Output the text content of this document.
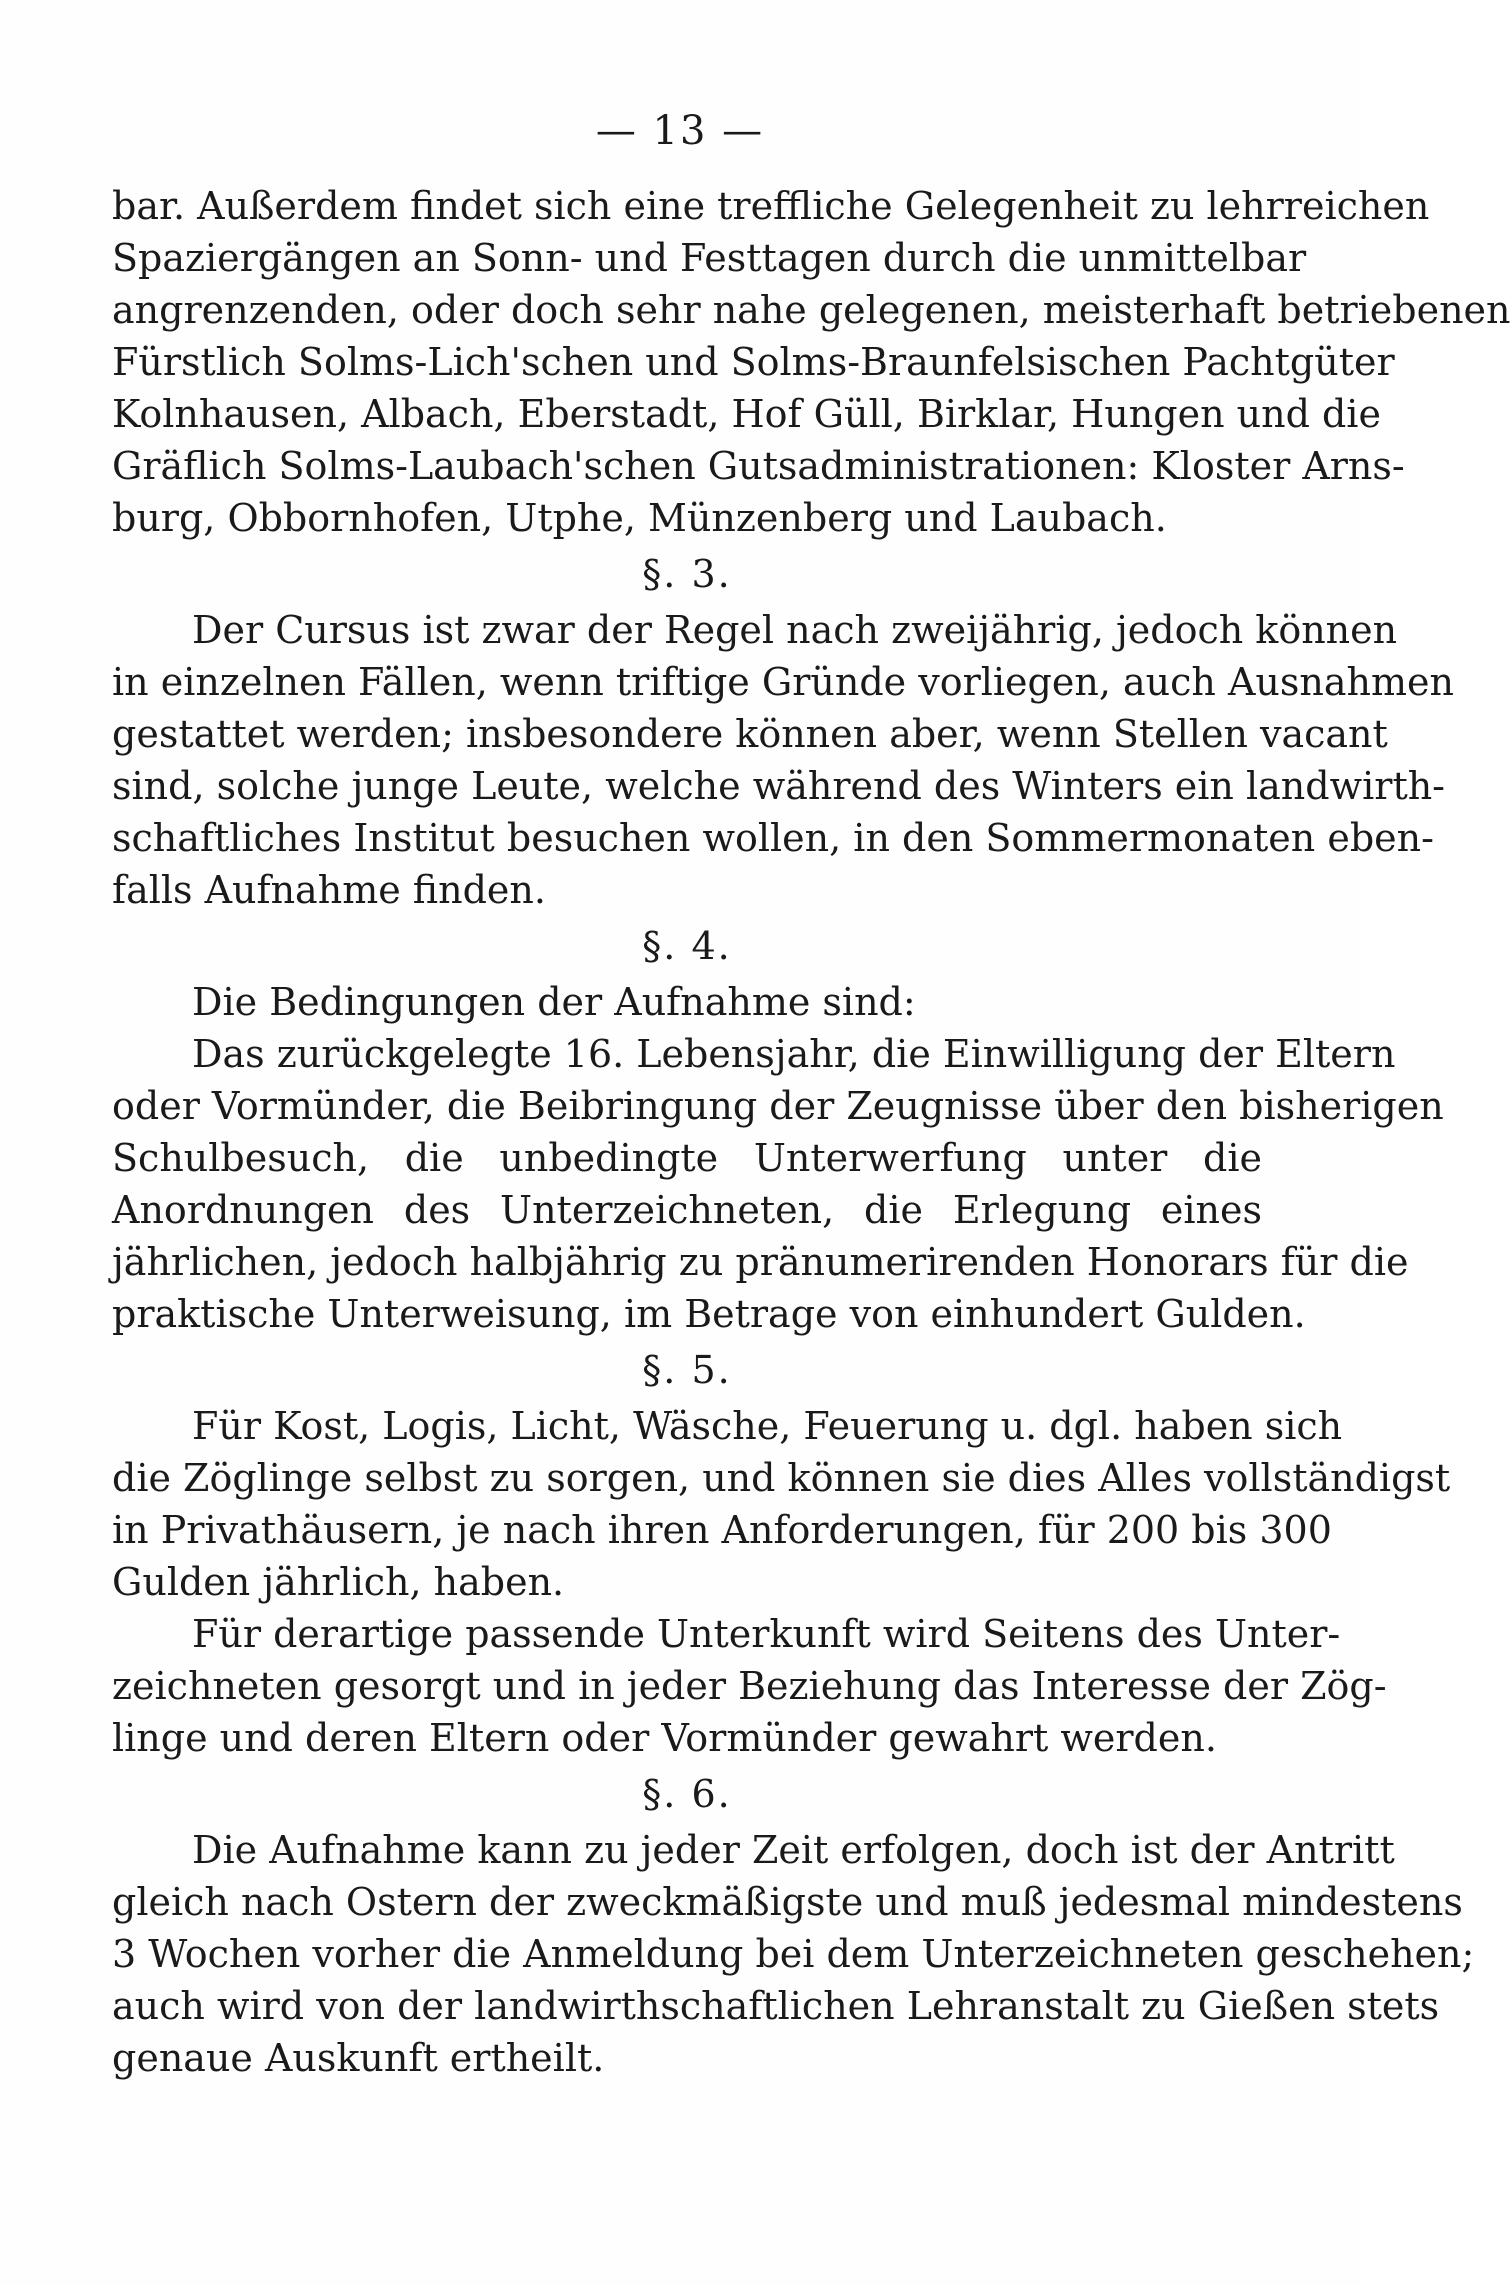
— 13 —
bar. Außerdem findet sich eine treffliche Gelegenheit zu lehrreichen
Spaziergängen an Sonn- und Festtagen durch die unmittelbar
angrenzenden, oder doch sehr nahe gelegenen, meisterhaft betriebenen
Fürstlich Solms-Lich'schen und Solms-Braunfelsischen Pachtgüter
Kolnhausen, Albach, Eberstadt, Hof Güll, Birklar, Hungen und die
Gräflich Solms-Laubach'schen Gutsadministrationen: Kloster Arns-
burg, Obbornhofen, Utphe, Münzenberg und Laubach.
§. 3.
Der Cursus ist zwar der Regel nach zweijährig, jedoch können
in einzelnen Fällen, wenn triftige Gründe vorliegen, auch Ausnahmen
gestattet werden; insbesondere können aber, wenn Stellen vacant
sind, solche junge Leute, welche während des Winters ein landwirth-
schaftliches Institut besuchen wollen, in den Sommermonaten eben-
falls Aufnahme finden.
§. 4.
Die Bedingungen der Aufnahme sind:
Das zurückgelegte 16. Lebensjahr, die Einwilligung der Eltern
oder Vormünder, die Beibringung der Zeugnisse über den bisherigen
Schulbesuch, die unbedingte Unterwerfung unter die
Anordnungen des Unterzeichneten, die Erlegung eines
jährlichen, jedoch halbjährig zu pränumerirenden Honorars für die
praktische Unterweisung, im Betrage von einhundert Gulden.
§. 5.
Für Kost, Logis, Licht, Wäsche, Feuerung u. dgl. haben sich
die Zöglinge selbst zu sorgen, und können sie dies Alles vollständigst
in Privathäusern, je nach ihren Anforderungen, für 200 bis 300
Gulden jährlich, haben.
Für derartige passende Unterkunft wird Seitens des Unter-
zeichneten gesorgt und in jeder Beziehung das Interesse der Zög-
linge und deren Eltern oder Vormünder gewahrt werden.
§. 6.
Die Aufnahme kann zu jeder Zeit erfolgen, doch ist der Antritt
gleich nach Ostern der zweckmäßigste und muß jedesmal mindestens
3 Wochen vorher die Anmeldung bei dem Unterzeichneten geschehen;
auch wird von der landwirthschaftlichen Lehranstalt zu Gießen stets
genaue Auskunft ertheilt.
